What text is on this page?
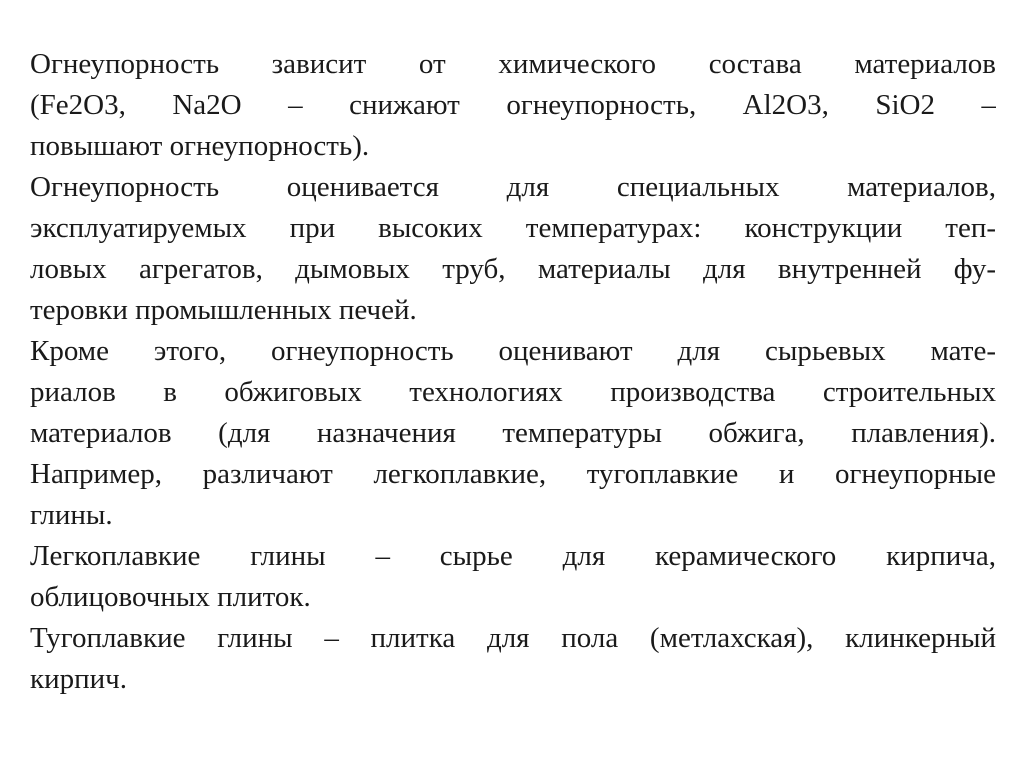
Огнеупорность зависит от химического состава материалов
(Fe2O3, Na2O – снижают огнеупорность, Al2O3, SiO2 –
повышают огнеупорность).

Огнеупорность оценивается для специальных материалов,
эксплуатируемых при высоких температурах: конструкции теп-
ловых агрегатов, дымовых труб, материалы для внутренней фу-
теровки промышленных печей.

Кроме этого, огнеупорность оценивают для сырьевых мате-
риалов в обжиговых технологиях производства строительных
материалов (для назначения температуры обжига, плавления).
Например, различают легкоплавкие, тугоплавкие и огнеупорные
глины.

Легкоплавкие глины – сырье для керамического кирпича,
облицовочных плиток.

Тугоплавкие глины – плитка для пола (метлахская), клинкерный
кирпич.
